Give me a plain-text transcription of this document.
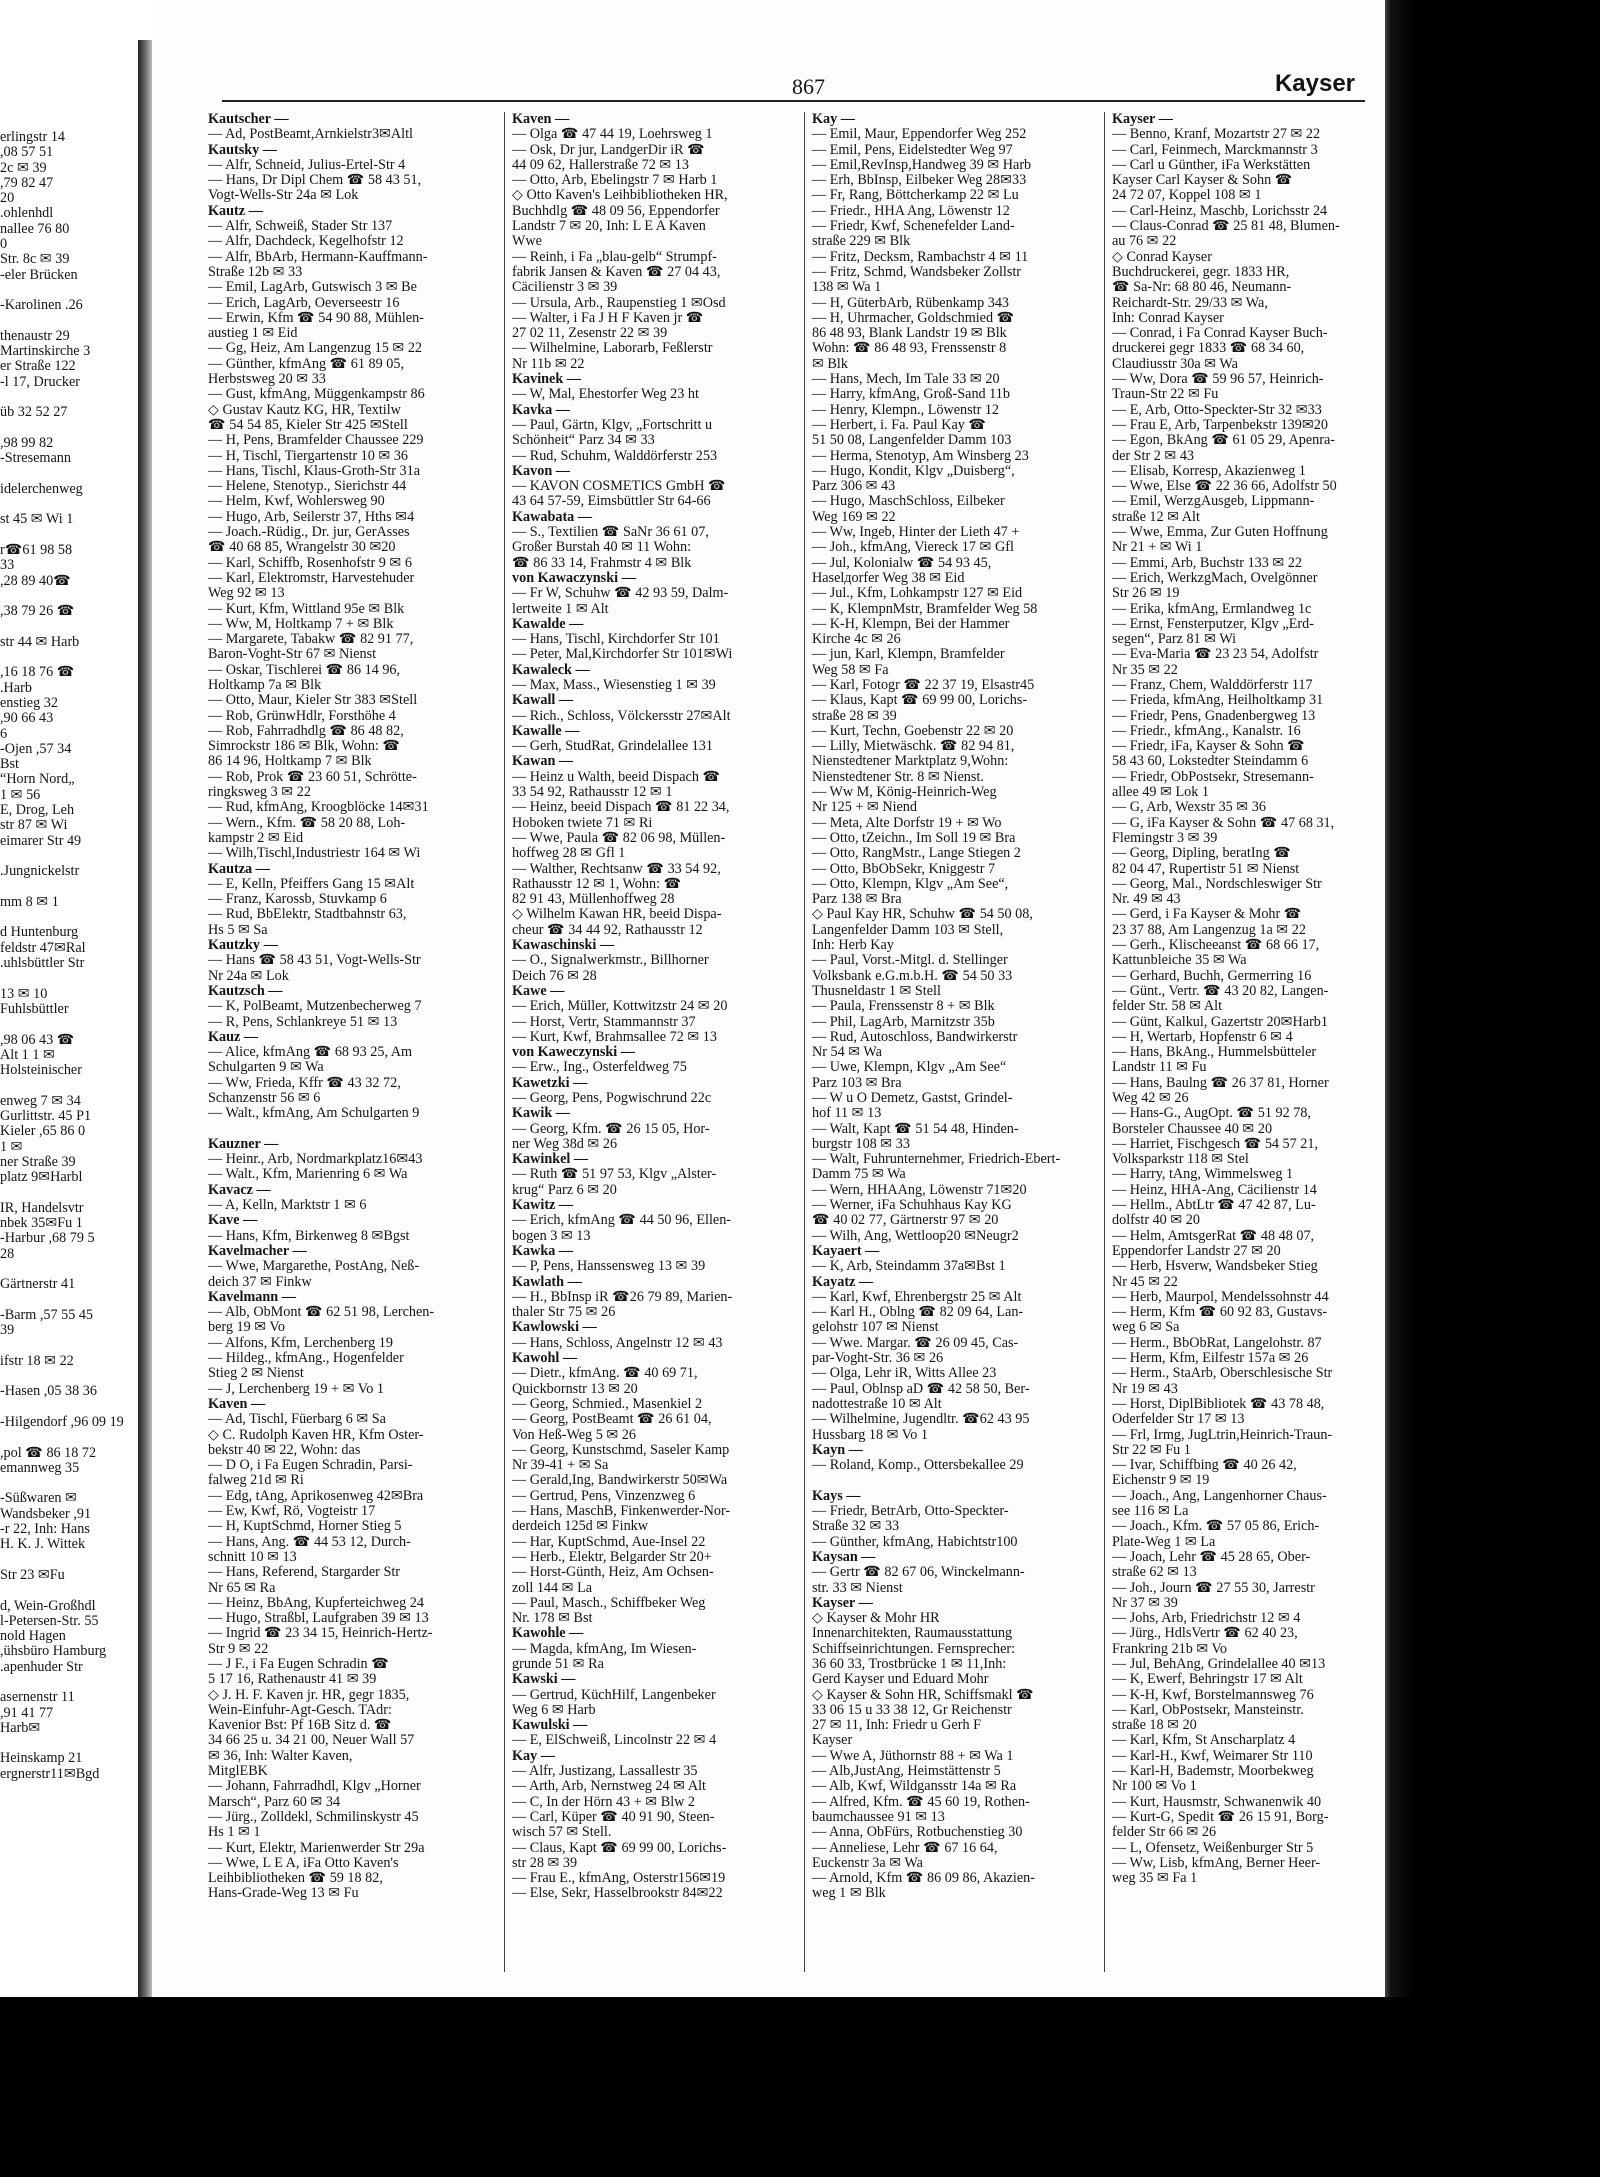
867	Kayser
Kautscher —
— Ad, PostBeamt,Arnkielstr3✉Altl
Kautsky —
— Alfr, Schneid, Julius-Ertel-Str 4
— Hans, Dr Dipl Chem ☎ 58 43 51,
Vogt-Wells-Str 24a ✉ Lok
Kautz —
— Alfr, Schweiß, Stader Str 137
— Alfr, Dachdeck, Kegelhofstr 12
— Alfr, BbArb, Hermann-Kauffmann-
Straße 12b ✉ 33
— Emil, LagArb, Gutswisch 3 ✉ Be
— Erich, LagArb, Oeverseestr 16
— Erwin, Kfm ☎ 54 90 88, Mühlen-
austieg 1 ✉ Eid
— Gg, Heiz, Am Langenzug 15 ✉ 22
— Günther, kfmAng ☎ 61 89 05,
Herbstsweg 20 ✉ 33
— Gust, kfmAng, Müggenkampstr 86
◇ Gustav Kautz KG, HR, Textilw
☎ 54 54 85, Kieler Str 425 ✉Stell
— H, Pens, Bramfelder Chaussee 229
— H, Tischl, Tiergartenstr 10 ✉ 36
— Hans, Tischl, Klaus-Groth-Str 31a
— Helene, Stenotyp., Sierichstr 44
— Helm, Kwf, Wohlersweg 90
— Hugo, Arb, Seilerstr 37, Hths ✉4
— Joach.-Rüdig., Dr. jur, GerAsses
☎ 40 68 85, Wrangelstr 30 ✉20
— Karl, Schiffb, Rosenhofstr 9 ✉ 6
— Karl, Elektromstr, Harvestehuder
Weg 92 ✉ 13
— Kurt, Kfm, Wittland 95e ✉ Blk
— Ww, M, Holtkamp 7 + ✉ Blk
— Margarete, Tabakw ☎ 82 91 77,
Baron-Voght-Str 67 ✉ Nienst
— Oskar, Tischlerei ☎ 86 14 96,
Holtkamp 7a ✉ Blk
— Otto, Maur, Kieler Str 383 ✉Stell
— Rob, GrünwHdlr, Forsthöhe 4
— Rob, Fahrradhdlg ☎ 86 48 82,
Simrockstr 186 ✉ Blk, Wohn: ☎
86 14 96, Holtkamp 7 ✉ Blk
— Rob, Prok ☎ 23 60 51, Schrötte-
ringksweg 3 ✉ 22
— Rud, kfmAng, Kroogblöcke 14✉31
— Wern., Kfm. ☎ 58 20 88, Loh-
kampstr 2 ✉ Eid
— Wilh,Tischl,Industriestr 164 ✉ Wi
Kautza —
— E, Kelln, Pfeiffers Gang 15 ✉Alt
— Franz, Karossb, Stuvkamp 6
— Rud, BbElektr, Stadtbahnstr 63,
Hs 5 ✉ Sa
Kautzky —
— Hans ☎ 58 43 51, Vogt-Wells-Str
Nr 24a ✉ Lok
Kautzsch —
— K, PolBeamt, Mutzenbecherweg 7
— R, Pens, Schlankreye 51 ✉ 13
Kauz —
— Alice, kfmAng ☎ 68 93 25, Am
Schulgarten 9 ✉ Wa
— Ww, Frieda, Kffr ☎ 43 32 72,
Schanzenstr 56 ✉ 6
— Walt., kfmAng, Am Schulgarten 9

Kauzner —
— Heinr., Arb, Nordmarkplatz16✉43
— Walt., Kfm, Marienring 6 ✉ Wa
Kavacz —
— A, Kelln, Marktstr 1 ✉ 6
Kave —
— Hans, Kfm, Birkenweg 8 ✉Bgst
Kavelmacher —
— Wwe, Margarethe, PostAng, Neß-
deich 37 ✉ Finkw
Kavelmann —
— Alb, ObMont ☎ 62 51 98, Lerchen-
berg 19 ✉ Vo
— Alfons, Kfm, Lerchenberg 19
— Hildeg., kfmAng., Hogenfelder
Stieg 2 ✉ Nienst
— J, Lerchenberg 19 + ✉ Vo 1
Kaven —
— Ad, Tischl, Füerbarg 6 ✉ Sa
◇ C. Rudolph Kaven HR, Kfm Oster-
bekstr 40 ✉ 22, Wohn: das
— D O, i Fa Eugen Schradin, Parsi-
falweg 21d ✉ Ri
— Edg, tAng, Aprikosenweg 42✉Bra
— Ew, Kwf, Rö, Vogteistr 17
— H, KuptSchmd, Horner Stieg 5
— Hans, Ang. ☎ 44 53 12, Durch-
schnitt 10 ✉ 13
— Hans, Referend, Stargarder Str
Nr 65 ✉ Ra
— Heinz, BbAng, Kupferteichweg 24
— Hugo, Straßbl, Laufgraben 39 ✉ 13
— Ingrid ☎ 23 34 15, Heinrich-Hertz-
Str 9 ✉ 22
— J F., i Fa Eugen Schradin ☎
5 17 16, Rathenaustr 41 ✉ 39
◇ J. H. F. Kaven jr. HR, gegr 1835,
Wein-Einfuhr-Agt-Gesch. TAdr:
Kavenior Bst: Pf 16B Sitz d. ☎
34 66 25 u. 34 21 00, Neuer Wall 57
✉ 36, Inh: Walter Kaven,
MitglEBK
— Johann, Fahrradhdl, Klgv „Horner
Marsch“, Parz 60 ✉ 34
— Jürg., Zolldekl, Schmilinskystr 45
Hs 1 ✉ 1
— Kurt, Elektr, Marienwerder Str 29a
— Wwe, L E A, iFa Otto Kaven's
Leihbibliotheken ☎ 59 18 82,
Hans-Grade-Weg 13 ✉ Fu
Kaven —
— Olga ☎ 47 44 19, Loehrsweg 1
— Osk, Dr jur, LandgerDir iR ☎
44 09 62, Hallerstraße 72 ✉ 13
— Otto, Arb, Ebelingstr 7 ✉ Harb 1
◇ Otto Kaven's Leihbibliotheken HR,
Buchhdlg ☎ 48 09 56, Eppendorfer
Landstr 7 ✉ 20, Inh: L E A Kaven
Wwe
— Reinh, i Fa „blau-gelb“ Strumpf-
fabrik Jansen & Kaven ☎ 27 04 43,
Cäcilienstr 3 ✉ 39
— Ursula, Arb., Raupenstieg 1 ✉Osd
— Walter, i Fa J H F Kaven jr ☎
27 02 11, Zesenstr 22 ✉ 39
— Wilhelmine, Laborarb, Feßlerstr
Nr 11b ✉ 22
Kavinek —
— W, Mal, Ehestorfer Weg 23 ht
Kavka —
— Paul, Gärtn, Klgv, „Fortschritt u
Schönheit“ Parz 34 ✉ 33
— Rud, Schuhm, Walddörferstr 253
Kavon —
— KAVON COSMETICS GmbH ☎
43 64 57-59, Eimsbüttler Str 64-66
Kawabata —
— S., Textilien ☎ SaNr 36 61 07,
Großer Burstah 40 ✉ 11 Wohn:
☎ 86 33 14, Frahmstr 4 ✉ Blk
von Kawaczynski —
— Fr W, Schuhw ☎ 42 93 59, Dalm-
lertweite 1 ✉ Alt
Kawalde —
— Hans, Tischl, Kirchdorfer Str 101
— Peter, Mal,Kirchdorfer Str 101✉Wi
Kawaleck —
— Max, Mass., Wiesenstieg 1 ✉ 39
Kawall —
— Rich., Schloss, Völckersstr 27✉Alt
Kawalle —
— Gerh, StudRat, Grindelallee 131
Kawan —
— Heinz u Walth, beeid Dispach ☎
33 54 92, Rathausstr 12 ✉ 1
— Heinz, beeid Dispach ☎ 81 22 34,
Hoboken twiete 71 ✉ Ri
— Wwe, Paula ☎ 82 06 98, Müllen-
hoffweg 28 ✉ Gfl 1
— Walther, Rechtsanw ☎ 33 54 92,
Rathausstr 12 ✉ 1, Wohn: ☎
82 91 43, Müllenhoffweg 28
◇ Wilhelm Kawan HR, beeid Dispa-
cheur ☎ 34 44 92, Rathausstr 12
Kawaschinski —
— O., Signalwerkmstr., Billhorner
Deich 76 ✉ 28
Kawe —
— Erich, Müller, Kottwitzstr 24 ✉ 20
— Horst, Vertr, Stammannstr 37
— Kurt, Kwf, Brahmsallee 72 ✉ 13
von Kaweczynski —
— Erw., Ing., Osterfeldweg 75
Kawetzki —
— Georg, Pens, Pogwischrund 22c
Kawik —
— Georg, Kfm. ☎ 26 15 05, Hor-
ner Weg 38d ✉ 26
Kawinkel —
— Ruth ☎ 51 97 53, Klgv „Alster-
krug“ Parz 6 ✉ 20
Kawitz —
— Erich, kfmAng ☎ 44 50 96, Ellen-
bogen 3 ✉ 13
Kawka —
— P, Pens, Hanssensweg 13 ✉ 39
Kawlath —
— H., BbInsp iR ☎26 79 89, Marien-
thaler Str 75 ✉ 26
Kawlowski —
— Hans, Schloss, Angelnstr 12 ✉ 43
Kawohl —
— Dietr., kfmAng. ☎ 40 69 71,
Quickbornstr 13 ✉ 20
— Georg, Schmied., Masenkiel 2
— Georg, PostBeamt ☎ 26 61 04,
Von Heß-Weg 5 ✉ 26
— Georg, Kunstschmd, Saseler Kamp
Nr 39-41 + ✉ Sa
— Gerald,Ing, Bandwirkerstr 50✉Wa
— Gertrud, Pens, Vinzenzweg 6
— Hans, MaschB, Finkenwerder-Nor-
derdeich 125d ✉ Finkw
— Har, KuptSchmd, Aue-Insel 22
— Herb., Elektr, Belgarder Str 20+
— Horst-Günth, Heiz, Am Ochsen-
zoll 144 ✉ La
— Paul, Masch., Schiffbeker Weg
Nr. 178 ✉ Bst
Kawohle —
— Magda, kfmAng, Im Wiesen-
grunde 51 ✉ Ra
Kawski —
— Gertrud, KüchHilf, Langenbeker
Weg 6 ✉ Harb
Kawulski —
— E, ElSchweiß, Lincolnstr 22 ✉ 4
Kay —
— Alfr, Justizang, Lassallestr 35
— Arth, Arb, Nernstweg 24 ✉ Alt
— C, In der Hörn 43 + ✉ Blw 2
— Carl, Küper ☎ 40 91 90, Steen-
wisch 57 ✉ Stell.
— Claus, Kapt ☎ 69 99 00, Lorichs-
str 28 ✉ 39
— Frau E., kfmAng, Osterstr156✉19
— Else, Sekr, Hasselbrookstr 84✉22
Kay —
— Emil, Maur, Eppendorfer Weg 252
— Emil, Pens, Eidelstedter Weg 97
— Emil,RevInsp,Handweg 39 ✉ Harb
— Erh, BbInsp, Eilbeker Weg 28✉33
— Fr, Rang, Böttcherkamp 22 ✉ Lu
— Friedr., HHA Ang, Löwenstr 12
— Friedr, Kwf, Schenefelder Land-
straße 229 ✉ Blk
— Fritz, Decksm, Rambachstr 4 ✉ 11
— Fritz, Schmd, Wandsbeker Zollstr
138 ✉ Wa 1
— H, GüterbArb, Rübenkamp 343
— H, Uhrmacher, Goldschmied ☎
86 48 93, Blank Landstr 19 ✉ Blk
Wohn: ☎ 86 48 93, Frenssenstr 8
✉ Blk
— Hans, Mech, Im Tale 33 ✉ 20
— Harry, kfmAng, Groß-Sand 11b
— Henry, Klempn., Löwenstr 12
— Herbert, i. Fa. Paul Kay ☎
51 50 08, Langenfelder Damm 103
— Herma, Stenotyp, Am Winsberg 23
— Hugo, Kondit, Klgv „Duisberg“,
Parz 306 ✉ 43
— Hugo, MaschSchloss, Eilbeker
Weg 169 ✉ 22
— Ww, Ingeb, Hinter der Lieth 47 +
— Joh., kfmAng, Viereck 17 ✉ Gfl
— Jul, Kolonialw ☎ 54 93 45,
Haselдorfer Weg 38 ✉ Eid
— Jul., Kfm, Lohkampstr 127 ✉ Eid
— K, KlempnMstr, Bramfelder Weg 58
— K-H, Klempn, Bei der Hammer
Kirche 4c ✉ 26
— jun, Karl, Klempn, Bramfelder
Weg 58 ✉ Fa
— Karl, Fotogr ☎ 22 37 19, Elsastr45
— Klaus, Kapt ☎ 69 99 00, Lorichs-
straße 28 ✉ 39
— Kurt, Techn, Goebenstr 22 ✉ 20
— Lilly, Mietwäschk. ☎ 82 94 81,
Nienstedtener Marktplatz 9,Wohn:
Nienstedtener Str. 8 ✉ Nienst.
— Ww M, König-Heinrich-Weg
Nr 125 + ✉ Niend
— Meta, Alte Dorfstr 19 + ✉ Wo
— Otto, tZeichn., Im Soll 19 ✉ Bra
— Otto, RangMstr., Lange Stiegen 2
— Otto, BbObSekr, Kniggestr 7
— Otto, Klempn, Klgv „Am See“,
Parz 138 ✉ Bra
◇ Paul Kay HR, Schuhw ☎ 54 50 08,
Langenfelder Damm 103 ✉ Stell,
Inh: Herb Kay
— Paul, Vorst.-Mitgl. d. Stellinger
Volksbank e.G.m.b.H. ☎ 54 50 33
Thusneldastr 1 ✉ Stell
— Paula, Frenssenstr 8 + ✉ Blk
— Phil, LagArb, Marnitzstr 35b
— Rud, Autoschloss, Bandwirkerstr
Nr 54 ✉ Wa
— Uwe, Klempn, Klgv „Am See“
Parz 103 ✉ Bra
— W u O Demetz, Gastst, Grindel-
hof 11 ✉ 13
— Walt, Kapt ☎ 51 54 48, Hinden-
burgstr 108 ✉ 33
— Walt, Fuhrunternehmer, Friedrich-Ebert-
Damm 75 ✉ Wa
— Wern, HHAAng, Löwenstr 71✉20
— Werner, iFa Schuhhaus Kay KG
☎ 40 02 77, Gärtnerstr 97 ✉ 20
— Wilh, Ang, Wettloop20 ✉Neugr2
Kayaert —
— K, Arb, Steindamm 37a✉Bst 1
Kayatz —
— Karl, Kwf, Ehrenbergstr 25 ✉ Alt
— Karl H., Oblng ☎ 82 09 64, Lan-
gelohstr 107 ✉ Nienst
— Wwe. Margar. ☎ 26 09 45, Cas-
par-Voght-Str. 36 ✉ 26
— Olga, Lehr iR, Witts Allee 23
— Paul, Oblnsp aD ☎ 42 58 50, Ber-
nadottestraße 10 ✉ Alt
— Wilhelmine, Jugendltr. ☎62 43 95
Hussbarg 18 ✉ Vo 1
Kayn —
— Roland, Komp., Ottersbekallee 29

Kays —
— Friedr, BetrArb, Otto-Speckter-
Straße 32 ✉ 33
— Günther, kfmAng, Habichtstr100
Kaysan —
— Gertr ☎ 82 67 06, Winckelmann-
str. 33 ✉ Nienst
Kayser —
◇ Kayser & Mohr HR
Innenarchitekten, Raumausstattung
Schiffseinrichtungen. Fernsprecher:
36 60 33, Trostbrücke 1 ✉ 11,Inh:
Gerd Kayser und Eduard Mohr
◇ Kayser & Sohn HR, Schiffsmakl ☎
33 06 15 u 33 38 12, Gr Reichenstr
27 ✉ 11, Inh: Friedr u Gerh F
Kayser
— Wwe A, Jüthornstr 88 + ✉ Wa 1
— Alb,JustAng, Heimstättenstr 5
— Alb, Kwf, Wildgansstr 14a ✉ Ra
— Alfred, Kfm. ☎ 45 60 19, Rothen-
baumchaussee 91 ✉ 13
— Anna, ObFürs, Rotbuchenstieg 30
— Anneliese, Lehr ☎ 67 16 64,
Euckenstr 3a ✉ Wa
— Arnold, Kfm ☎ 86 09 86, Akazien-
weg 1 ✉ Blk
Kayser —
— Benno, Kranf, Mozartstr 27 ✉ 22
— Carl, Feinmech, Marckmannstr 3
— Carl u Günther, iFa Werkstätten
Kayser Carl Kayser & Sohn ☎
24 72 07, Koppel 108 ✉ 1
— Carl-Heinz, Maschb, Lorichsstr 24
— Claus-Conrad ☎ 25 81 48, Blumen-
au 76 ✉ 22
◇ Conrad Kayser
Buchdruckerei, gegr. 1833 HR,
☎ Sa-Nr: 68 80 46, Neumann-
Reichardt-Str. 29/33 ✉ Wa,
Inh: Conrad Kayser
— Conrad, i Fa Conrad Kayser Buch-
druckerei gegr 1833 ☎ 68 34 60,
Claudiusstr 30a ✉ Wa
— Ww, Dora ☎ 59 96 57, Heinrich-
Traun-Str 22 ✉ Fu
— E, Arb, Otto-Speckter-Str 32 ✉33
— Frau E, Arb, Tarpenbekstr 139✉20
— Egon, BkAng ☎ 61 05 29, Apenra-
der Str 2 ✉ 43
— Elisab, Korresp, Akazienweg 1
— Wwe, Else ☎ 22 36 66, Adolfstr 50
— Emil, WerzgAusgeb, Lippmann-
straße 12 ✉ Alt
— Wwe, Emma, Zur Guten Hoffnung
Nr 21 + ✉ Wi 1
— Emmi, Arb, Buchstr 133 ✉ 22
— Erich, WerkzgMach, Ovelgönner
Str 26 ✉ 19
— Erika, kfmAng, Ermlandweg 1c
— Ernst, Fensterputzer, Klgv „Erd-
segen“, Parz 81 ✉ Wi
— Eva-Maria ☎ 23 23 54, Adolfstr
Nr 35 ✉ 22
— Franz, Chem, Walddörferstr 117
— Frieda, kfmAng, Heilholtkamp 31
— Friedr, Pens, Gnadenbergweg 13
— Friedr., kfmAng., Kanalstr. 16
— Friedr, iFa, Kayser & Sohn ☎
58 43 60, Lokstedter Steindamm 6
— Friedr, ObPostsekr, Stresemann-
allee 49 ✉ Lok 1
— G, Arb, Wexstr 35 ✉ 36
— G, iFa Kayser & Sohn ☎ 47 68 31,
Flemingstr 3 ✉ 39
— Georg, Dipling, beratIng ☎
82 04 47, Rupertistr 51 ✉ Nienst
— Georg, Mal., Nordschleswiger Str
Nr. 49 ✉ 43
— Gerd, i Fa Kayser & Mohr ☎
23 37 88, Am Langenzug 1a ✉ 22
— Gerh., Klischeeanst ☎ 68 66 17,
Kattunbleiche 35 ✉ Wa
— Gerhard, Buchh, Germerring 16
— Günt., Vertr. ☎ 43 20 82, Langen-
felder Str. 58 ✉ Alt
— Günt, Kalkul, Gazertstr 20✉Harb1
— H, Wertarb, Hopfenstr 6 ✉ 4
— Hans, BkAng., Hummelsbütteler
Landstr 11 ✉ Fu
— Hans, Baulng ☎ 26 37 81, Horner
Weg 42 ✉ 26
— Hans-G., AugOpt. ☎ 51 92 78,
Borsteler Chaussee 40 ✉ 20
— Harriet, Fischgesch ☎ 54 57 21,
Volksparkstr 118 ✉ Stel
— Harry, tAng, Wimmelsweg 1
— Heinz, HHA-Ang, Cäcilienstr 14
— Hellm., AbtLtr ☎ 47 42 87, Lu-
dolfstr 40 ✉ 20
— Helm, AmtsgerRat ☎ 48 48 07,
Eppendorfer Landstr 27 ✉ 20
— Herb, Hsverw, Wandsbeker Stieg
Nr 45 ✉ 22
— Herb, Maurpol, Mendelssohnstr 44
— Herm, Kfm ☎ 60 92 83, Gustavs-
weg 6 ✉ Sa
— Herm., BbObRat, Langelohstr. 87
— Herm, Kfm, Eilfestr 157a ✉ 26
— Herm., StaArb, Oberschlesische Str
Nr 19 ✉ 43
— Horst, DiplBibliotek ☎ 43 78 48,
Oderfelder Str 17 ✉ 13
— Frl, Irmg, JugLtrin,Heinrich-Traun-
Str 22 ✉ Fu 1
— Ivar, Schiffbing ☎ 40 26 42,
Eichenstr 9 ✉ 19
— Joach., Ang, Langenhorner Chaus-
see 116 ✉ La
— Joach., Kfm. ☎ 57 05 86, Erich-
Plate-Weg 1 ✉ La
— Joach, Lehr ☎ 45 28 65, Ober-
straße 62 ✉ 13
— Joh., Journ ☎ 27 55 30, Jarrestr
Nr 37 ✉ 39
— Johs, Arb, Friedrichstr 12 ✉ 4
— Jürg., HdlsVertr ☎ 62 40 23,
Frankring 21b ✉ Vo
— Jul, BehAng, Grindelallee 40 ✉13
— K, Ewerf, Behringstr 17 ✉ Alt
— K-H, Kwf, Borstelmannsweg 76
— Karl, ObPostsekr, Mansteinstr.
straße 18 ✉ 20
— Karl, Kfm, St Anscharplatz 4
— Karl-H., Kwf, Weimarer Str 110
— Karl-H, Bademstr, Moorbekweg
Nr 100 ✉ Vo 1
— Kurt, Hausmstr, Schwanenwik 40
— Kurt-G, Spedit ☎ 26 15 91, Borg-
felder Str 66 ✉ 26
— L, Ofensetz, Weißenburger Str 5
— Ww, Lisb, kfmAng, Berner Heer-
weg 35 ✉ Fa 1
erlingstr 14
51 57 08,
2c ✉ 39
47 82 79,
20
ohlenhdl.
nallee 76 80
0
Str. 8c ✉ 39
eler Brücken-

26. Karolinen-

thenaustr 29
Martinskirche 3
er Straße 122
l 17, Drucker-

üb 32 52 27

82 99 98,
Stresemann-

idelerchenweg

st 45 ✉ Wi 1

r☎61 98 58
33
☎40 89 28,

☎ 26 79 38,

str 44 ✉ Harb

☎ 76 18 16,
Harb.
enstieg 32
43 66 90,
6
34 57, Ojen-
Bst
„Horn Nord“
56 ✉ 1
E, Drog, Leh
str 87 ✉ Wi
eimarer Str 49

Jungnickelstr.

mm 8 ✉ 1

d Huntenburg
feldstr 47✉Ral
uhlsbüttler Str.

10 ✉ 13
Fuhlsbüttler

☎ 43 06 98,
✉ 1 Alt 1
Holsteinischer

enweg 7 ✉ 34
Gurlittstr. 45 P1
0 86 65, Kieler
✉ 1
ner Straße 39
platz 9✉Harbl

IR, Handelsvtr
nbek 35✉Fu 1
5 79 68, Harbur-
28

Gärtnerstr 41

45 55 57, Barm-
39

ifstr 18 ✉ 22

36 38 05, Hasen-

19 09 96, Hilgendorf-

pol ☎ 86 18 72,
emannweg 35

✉ Süßwaren-
91, Wandsbeker
r 22, Inh: Hans-
H. K. J. Wittek

Str 23 ✉Fu

d, Wein-Großhdl
l-Petersen-Str. 55
nold Hagen
ühsbüro Hamburg,
apenhuder Str.

asernenstr 11
77 41 91,
✉Harb

Heinskamp 21
ergnerstr11✉Bgd
